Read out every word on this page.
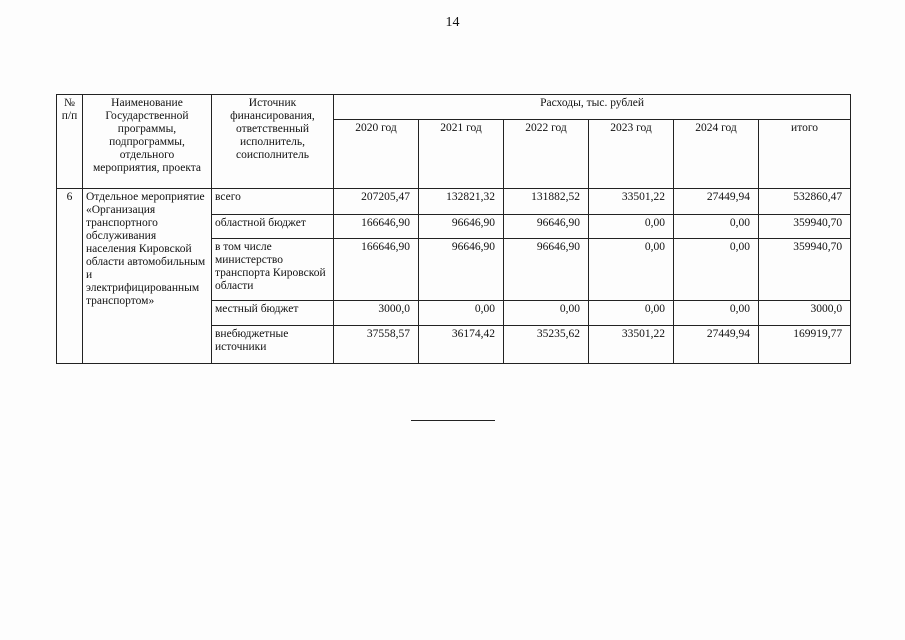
14
№ п/п	Наименование Государственной программы, подпрограммы, отдельного мероприятия, проекта	Источник финансирования, ответственный исполнитель, соисполнитель	Расходы, тыс. рублей					
			2020 год	2021 год	2022 год	2023 год	2024 год	итого
6	Отдельное мероприятие «Организация транспортного обслуживания населения Кировской области автомобильным и электрифицированным транспортом»	всего	207205,47	132821,32	131882,52	33501,22	27449,94	532860,47
		областной бюджет	166646,90	96646,90	96646,90	0,00	0,00	359940,70
		в том числе министерство транспорта Кировской области	166646,90	96646,90	96646,90	0,00	0,00	359940,70
		местный бюджет	3000,0	0,00	0,00	0,00	0,00	3000,0
		внебюджетные источники	37558,57	36174,42	35235,62	33501,22	27449,94	169919,77
